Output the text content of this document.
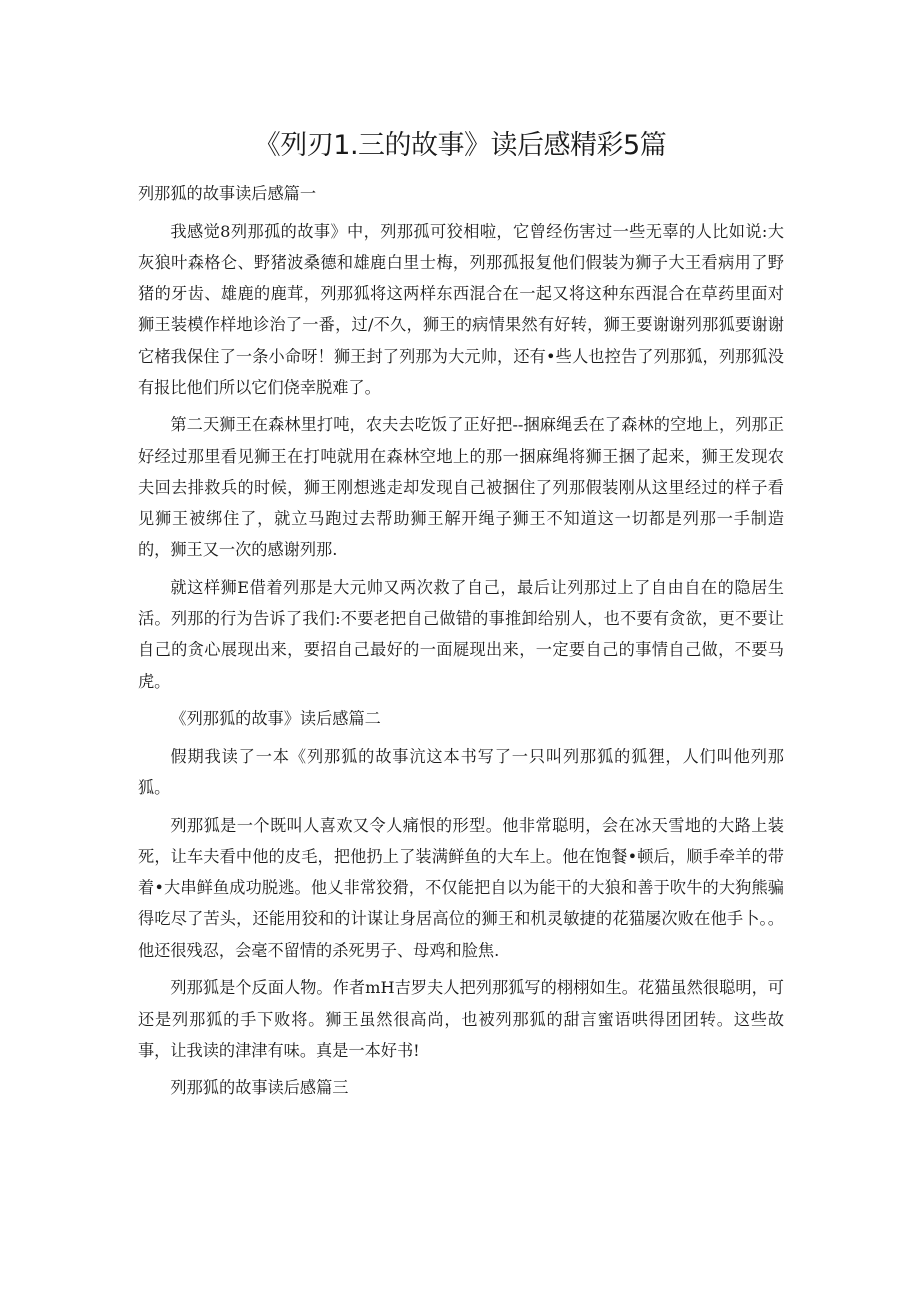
《列刃1.三的故事》读后感精彩5篇

列那狐的故事读后感篇一

我感觉8列那孤的故事》中，列那孤可狡相啦，它曾经伤害过一些无辜的人比如说:大灰狼叶森格仑、野猪波桑德和雄鹿白里士梅，列那孤报复他们假装为狮子大王看病用了野猪的牙齿、雄鹿的鹿茸，列那狐将这两样东西混合在一起又将这种东西混合在草药里面对狮王装模作样地诊治了一番，过/不久，狮王的病情果然有好转，狮王要谢谢列那狐要谢谢它楮我保住了一条小命呀！狮王封了列那为大元帅，还有•些人也控告了列那狐，列那狐没有报比他们所以它们侥幸脱难了。

第二天狮王在森林里打吨，农夫去吃饭了正好把--捆麻绳丢在了森林的空地上，列那正好经过那里看见狮王在打吨就用在森林空地上的那一捆麻绳将狮王捆了起来，狮王发现农夫回去排救兵的时候，狮王刚想逃走却发现自己被捆住了列那假装刚从这里经过的样子看见狮王被绑住了，就立马跑过去帮助狮王解开绳子狮王不知道这一切都是列那一手制造的，狮王又一次的感谢列那.

就这样狮E借着列那是大元帅又两次救了自己，最后让列那过上了自由自在的隐居生活。列那的行为告诉了我们:不要老把自己做错的事推卸给别人，也不要有贪欲，更不要让自己的贪心展现出来，要招自己最好的一面屣现出来，一定要自己的事情自己做，不要马虎。

《列那狐的故事》读后感篇二

假期我读了一本《列那狐的故事沆这本书写了一只叫列那狐的狐狸，人们叫他列那狐。

列那狐是一个既叫人喜欢又令人痛恨的形型。他非常聪明，会在冰天雪地的大路上装死，让车夫看中他的皮毛，把他扔上了装满鲜鱼的大车上。他在饱餐•顿后，顺手牵羊的带着•大串鲜鱼成功脱逃。他乂非常狡猾，不仅能把自以为能干的大狼和善于吹牛的大狗熊骗得吃尽了苦头，还能用狡和的计谋让身居高位的狮王和机灵敏捷的花猫屡次败在他手卜。。他还很残忍，会毫不留情的杀死男子、母鸡和脸焦.

列那狐是个反面人物。作者mH吉罗夫人把列那狐写的栩栩如生。花猫虽然很聪明，可还是列那狐的手下败将。狮王虽然很高尚，也被列那狐的甜言蜜语哄得团团转。这些故事，让我读的津津有味。真是一本好书!

列那狐的故事读后感篇三
